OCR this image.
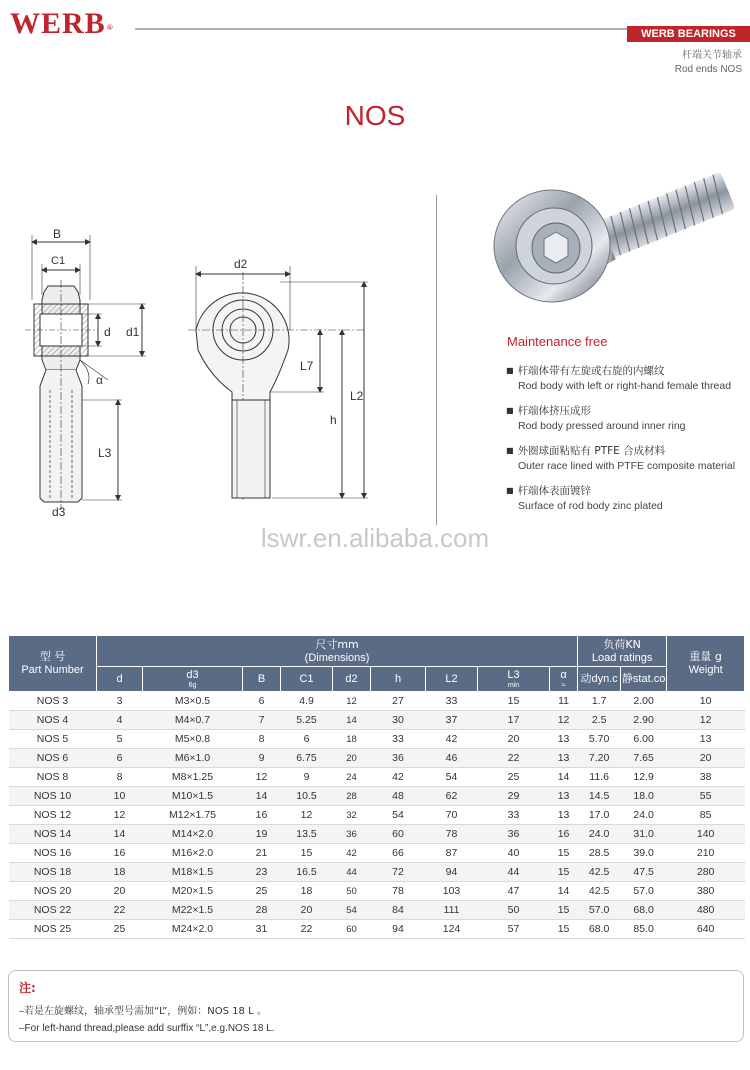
WERB®
WERB BEARINGS
杆端关节轴承
Rod ends NOS
NOS
B
C1
d d1
α
L3
d3
d2
L7
h
L2
Maintenance free
■ 杆端体带有左旋或右旋的内螺纹
Rod body with left or right-hand female thread
■ 杆端体挤压成形
Rod body pressed around inner ring
■ 外圈球面粘贴有 PTFE 合成材料
Outer race lined with PTFE composite material
■ 杆端体表面镀锌
Surface of rod body zinc plated
lswr.en.alibaba.com
型 号
Part Number	尺寸mm
(Dimensions)									负荷KN
Load ratings		重量 g
Weight
	d	d3
6g	B	C1	d2	h	L2	L3
min	α
≈	动dyn.c	静stat.co	
NOS 3	3	M3×0.5	6	4.9	12	27	33	15	11	1.7	2.00	10
NOS 4	4	M4×0.7	7	5.25	14	30	37	17	12	2.5	2.90	12
NOS 5	5	M5×0.8	8	6	18	33	42	20	13	5.70	6.00	13
NOS 6	6	M6×1.0	9	6.75	20	36	46	22	13	7.20	7.65	20
NOS 8	8	M8×1.25	12	9	24	42	54	25	14	11.6	12.9	38
NOS 10	10	M10×1.5	14	10.5	28	48	62	29	13	14.5	18.0	55
NOS 12	12	M12×1.75	16	12	32	54	70	33	13	17.0	24.0	85
NOS 14	14	M14×2.0	19	13.5	36	60	78	36	16	24.0	31.0	140
NOS 16	16	M16×2.0	21	15	42	66	87	40	15	28.5	39.0	210
NOS 18	18	M18×1.5	23	16.5	44	72	94	44	15	42.5	47.5	280
NOS 20	20	M20×1.5	25	18	50	78	103	47	14	42.5	57.0	380
NOS 22	22	M22×1.5	28	20	54	84	111	50	15	57.0	68.0	480
NOS 25	25	M24×2.0	31	22	60	94	124	57	15	68.0	85.0	640
注:
–若是左旋螺纹，轴承型号需加“L”，例如：NOS 18 L 。
–For left-hand thread,please add surffix “L”,e.g.NOS 18 L.
